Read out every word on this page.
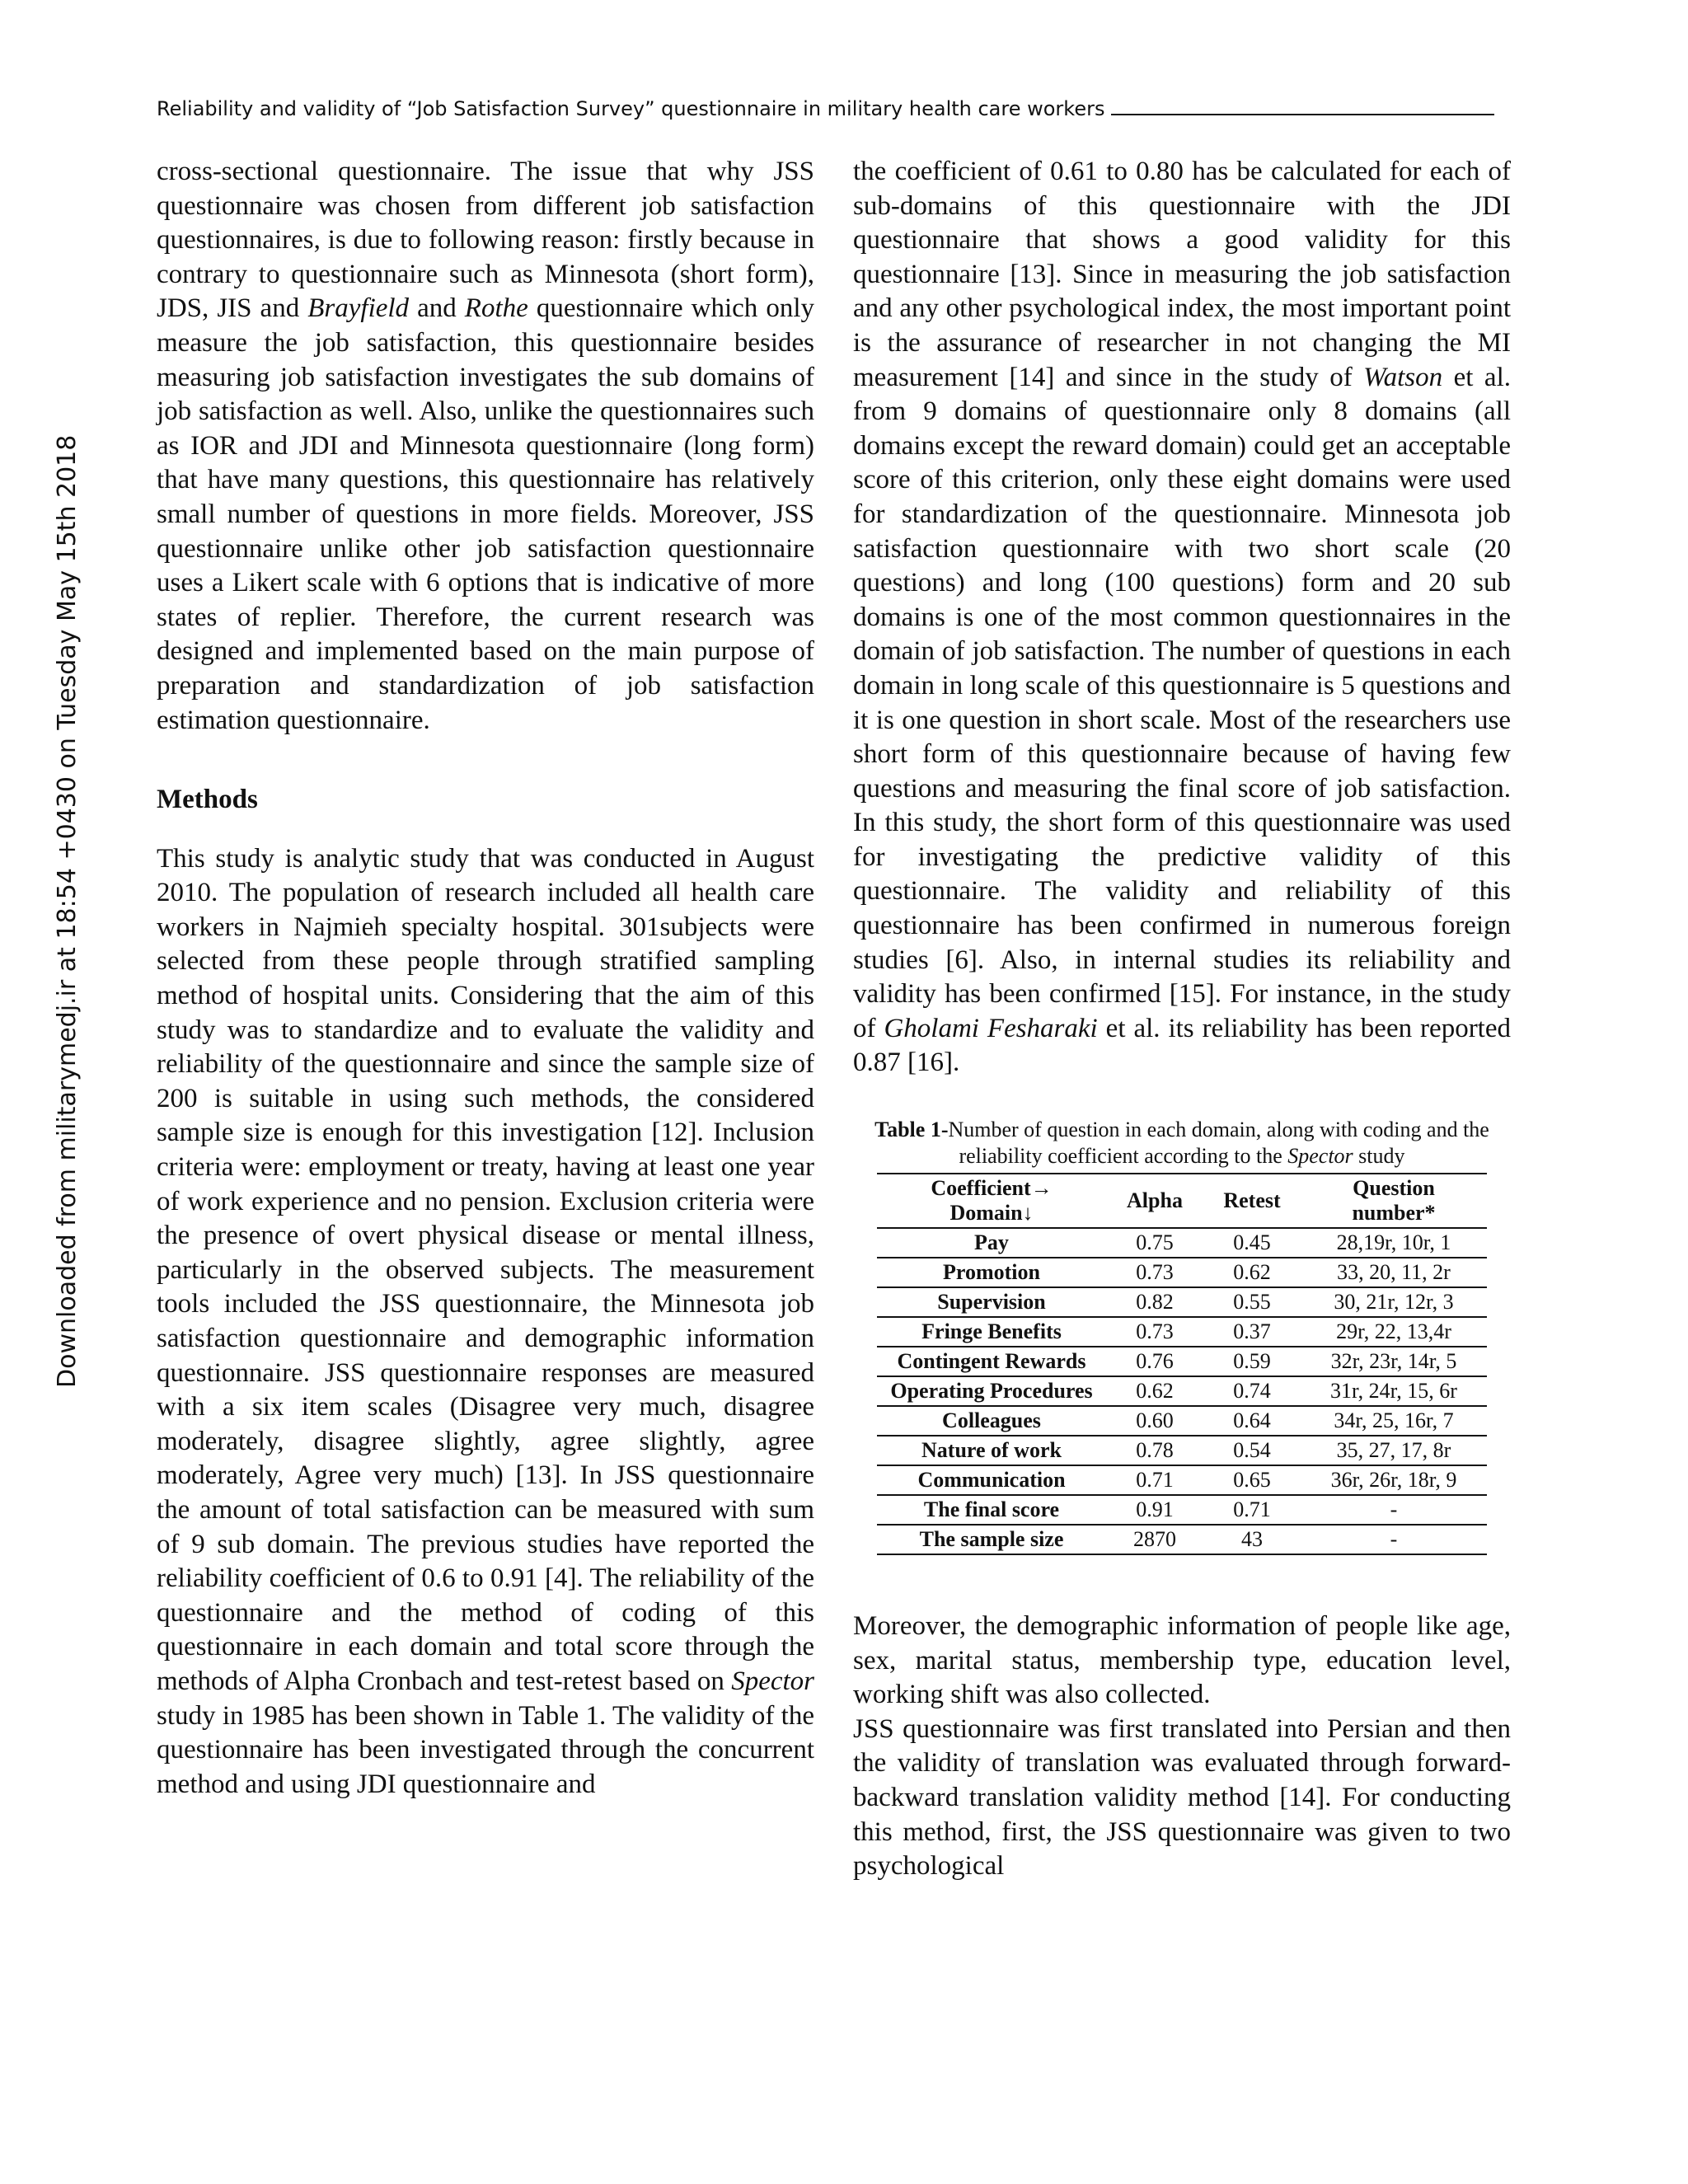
Reliability and validity of “Job Satisfaction Survey” questionnaire in military health care workers
Downloaded from militarymedj.ir at 18:54 +0430 on Tuesday May 15th 2018

cross-sectional questionnaire. The issue that why JSS questionnaire was chosen from different job satisfaction questionnaires, is due to following reason: firstly because in contrary to questionnaire such as Minnesota (short form), JDS, JIS and Brayfield and Rothe questionnaire which only measure the job satisfaction, this questionnaire besides measuring job satisfaction investigates the sub domains of job satisfaction as well. Also, unlike the questionnaires such as IOR and JDI and Minnesota questionnaire (long form) that have many questions, this questionnaire has relatively small number of questions in more fields. Moreover, JSS questionnaire unlike other job satisfaction questionnaire uses a Likert scale with 6 options that is indicative of more states of replier. Therefore, the current research was designed and implemented based on the main purpose of preparation and standardization of job satisfaction estimation questionnaire.

Methods

This study is analytic study that was conducted in August 2010. The population of research included all health care workers in Najmieh specialty hospital. 301subjects were selected from these people through stratified sampling method of hospital units. Considering that the aim of this study was to standardize and to evaluate the validity and reliability of the questionnaire and since the sample size of 200 is suitable in using such methods, the considered sample size is enough for this investigation [12]. Inclusion criteria were: employment or treaty, having at least one year of work experience and no pension. Exclusion criteria were the presence of overt physical disease or mental illness, particularly in the observed subjects. The measurement tools included the JSS questionnaire, the Minnesota job satisfaction questionnaire and demographic information questionnaire. JSS questionnaire responses are measured with a six item scales (Disagree very much, disagree moderately, disagree slightly, agree slightly, agree moderately, Agree very much) [13]. In JSS questionnaire the amount of total satisfaction can be measured with sum of 9 sub domain. The previous studies have reported the reliability coefficient of 0.6 to 0.91 [4]. The reliability of the questionnaire and the method of coding of this questionnaire in each domain and total score through the methods of Alpha Cronbach and test-retest based on Spector study in 1985 has been shown in Table 1. The validity of the questionnaire has been investigated through the concurrent method and using JDI questionnaire and

the coefficient of 0.61 to 0.80 has be calculated for each of sub-domains of this questionnaire with the JDI questionnaire that shows a good validity for this questionnaire [13]. Since in measuring the job satisfaction and any other psychological index, the most important point is the assurance of researcher in not changing the MI measurement [14] and since in the study of Watson et al. from 9 domains of questionnaire only 8 domains (all domains except the reward domain) could get an acceptable score of this criterion, only these eight domains were used for standardization of the questionnaire. Minnesota job satisfaction questionnaire with two short scale (20 questions) and long (100 questions) form and 20 sub domains is one of the most common questionnaires in the domain of job satisfaction. The number of questions in each domain in long scale of this questionnaire is 5 questions and it is one question in short scale. Most of the researchers use short form of this questionnaire because of having few questions and measuring the final score of job satisfaction. In this study, the short form of this questionnaire was used for investigating the predictive validity of this questionnaire. The validity and reliability of this questionnaire has been confirmed in numerous foreign studies [6]. Also, in internal studies its reliability and validity has been confirmed [15]. For instance, in the study of Gholami Fesharaki et al. its reliability has been reported 0.87 [16].

Table 1-Number of question in each domain, along with coding and the reliability coefficient according to the Spector study
Coefficient→
Domain↓	Alpha	Retest	Question
number*
Pay	0.75	0.45	28,19r, 10r, 1
Promotion	0.73	0.62	33, 20, 11, 2r
Supervision	0.82	0.55	30, 21r, 12r, 3
Fringe Benefits	0.73	0.37	29r, 22, 13,4r
Contingent Rewards	0.76	0.59	32r, 23r, 14r, 5
Operating Procedures	0.62	0.74	31r, 24r, 15, 6r
Colleagues	0.60	0.64	34r, 25, 16r, 7
Nature of work	0.78	0.54	35, 27, 17, 8r
Communication	0.71	0.65	36r, 26r, 18r, 9
The final score	0.91	0.71	-
The sample size	2870	43	-

Moreover, the demographic information of people like age, sex, marital status, membership type, education level, working shift was also collected.

JSS questionnaire was first translated into Persian and then the validity of translation was evaluated through forward-backward translation validity method [14]. For conducting this method, first, the JSS questionnaire was given to two psychological
